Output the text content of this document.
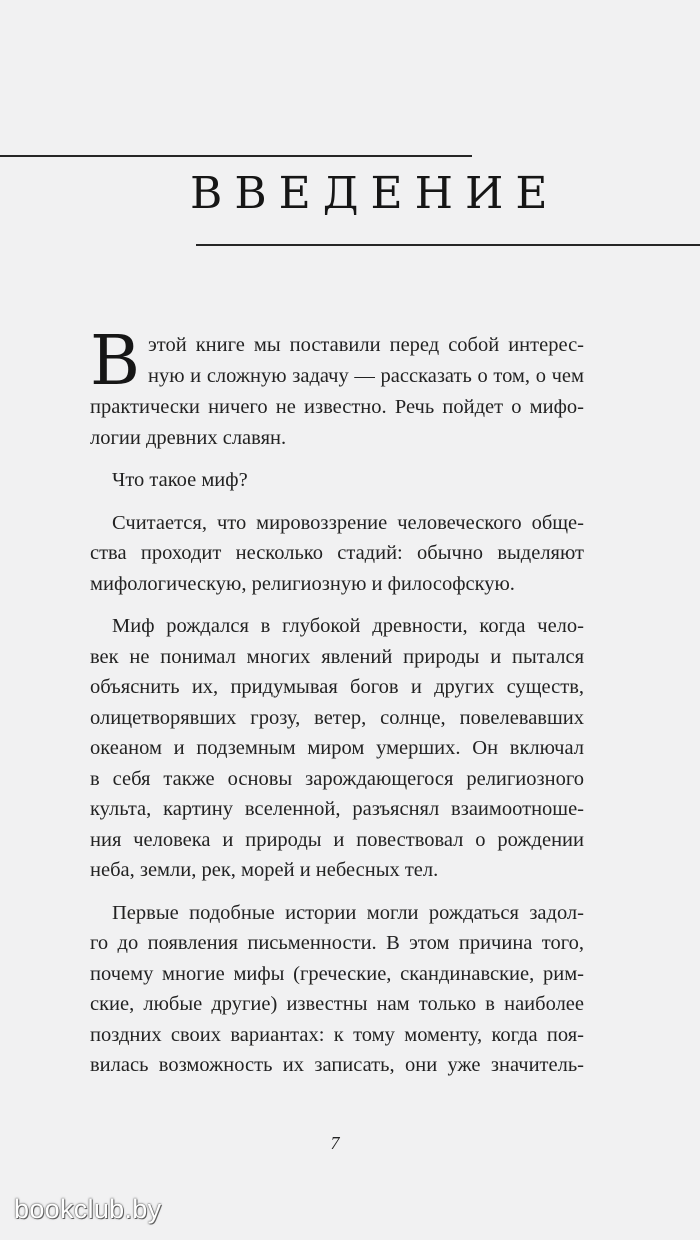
ВВЕДЕНИЕ
В этой книге мы поставили перед собой интерес-
ную и сложную задачу — рассказать о том, о чем
практически ничего не известно. Речь пойдет о мифо-
логии древних славян.
Что такое миф?
Считается, что мировоззрение человеческого обще-
ства проходит несколько стадий: обычно выделяют
мифологическую, религиозную и философскую.
Миф рождался в глубокой древности, когда чело-
век не понимал многих явлений природы и пытался
объяснить их, придумывая богов и других существ,
олицетворявших грозу, ветер, солнце, повелевавших
океаном и подземным миром умерших. Он включал
в себя также основы зарождающегося религиозного
культа, картину вселенной, разъяснял взаимоотноше-
ния человека и природы и повествовал о рождении
неба, земли, рек, морей и небесных тел.
Первые подобные истории могли рождаться задол-
го до появления письменности. В этом причина того,
почему многие мифы (греческие, скандинавские, рим-
ские, любые другие) известны нам только в наиболее
поздних своих вариантах: к тому моменту, когда поя-
вилась возможность их записать, они уже значитель-
7
bookclub.by
